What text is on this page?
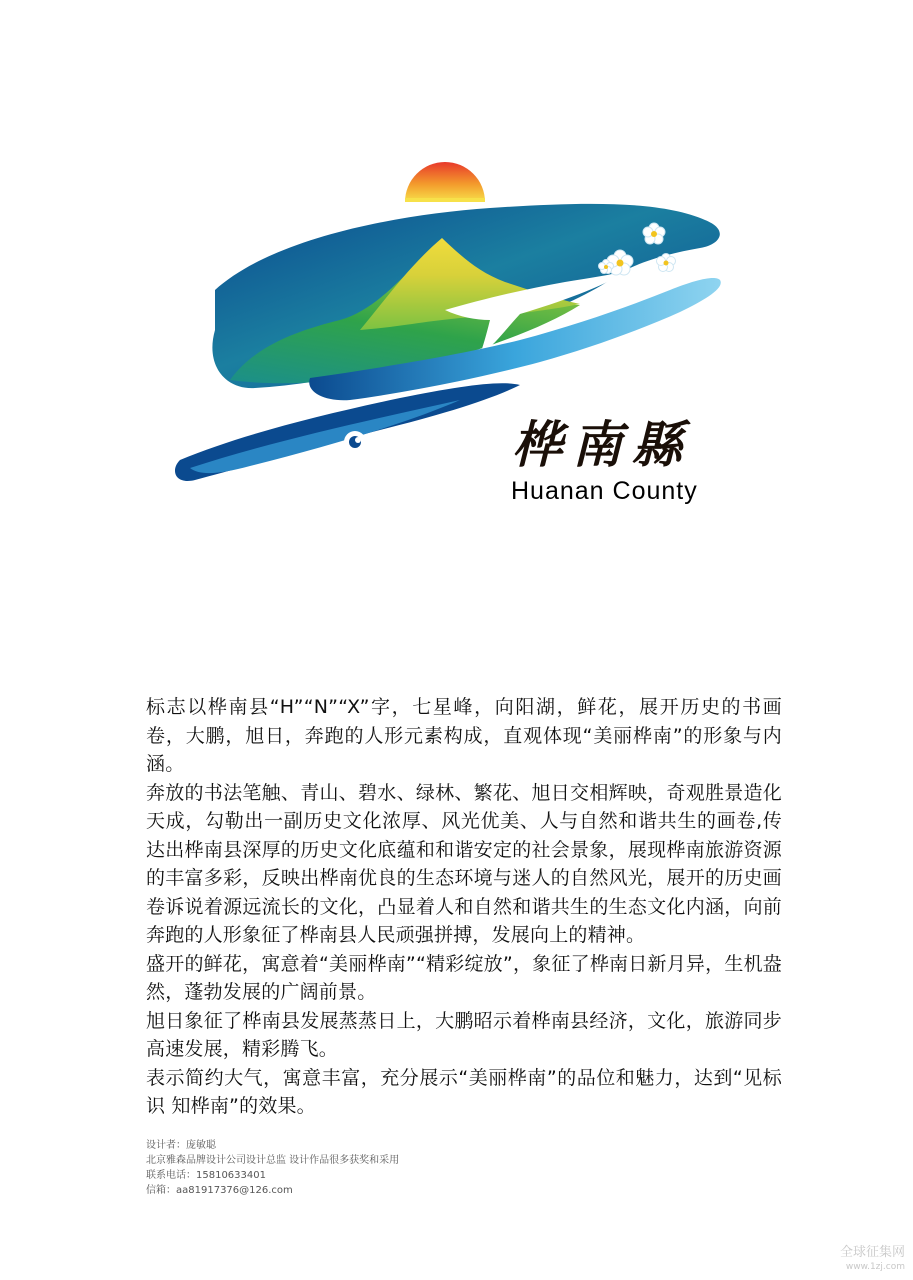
桦南縣
Huanan County

标志以桦南县“H”“N”“X”字，七星峰，向阳湖，鲜花，展开历史的书画卷，大鹏，旭日，奔跑的人形元素构成，直观体现“美丽桦南”的形象与内涵。

奔放的书法笔触、青山、碧水、绿林、繁花、旭日交相辉映，奇观胜景造化天成，勾勒出一副历史文化浓厚、风光优美、人与自然和谐共生的画卷,传达出桦南县深厚的历史文化底蕴和和谐安定的社会景象，展现桦南旅游资源的丰富多彩，反映出桦南优良的生态环境与迷人的自然风光，展开的历史画卷诉说着源远流长的文化，凸显着人和自然和谐共生的生态文化内涵，向前奔跑的人形象征了桦南县人民顽强拼搏，发展向上的精神。

盛开的鲜花，寓意着“美丽桦南”“精彩绽放”，象征了桦南日新月异，生机盎然，蓬勃发展的广阔前景。

旭日象征了桦南县发展蒸蒸日上，大鹏昭示着桦南县经济，文化，旅游同步高速发展，精彩腾飞。

表示简约大气，寓意丰富，充分展示“美丽桦南”的品位和魅力，达到“见标识 知桦南”的效果。

设计者：庞敏聪
北京雅森品牌设计公司设计总监 设计作品很多获奖和采用
联系电话：15810633401
信箱：aa81917376@126.com
全球征集网
www.1zj.com
